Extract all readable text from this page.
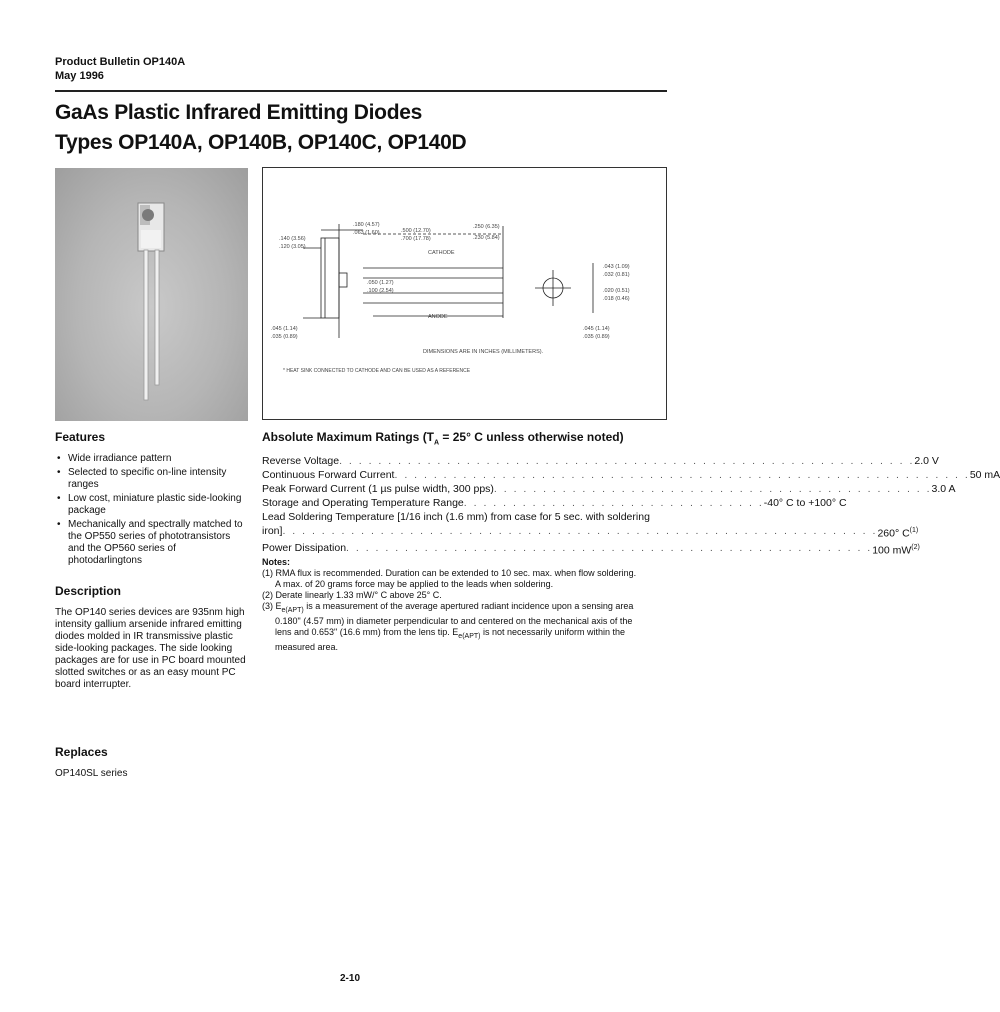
Product Bulletin OP140A
May 1996
GaAs Plastic Infrared Emitting Diodes
Types OP140A, OP140B, OP140C, OP140D
.180 (4.57)
.063 (1.60)
.140 (3.56)
.120 (3.05)
.250 (6.35)
.230 (5.84)
.500 (12.70)
.700 (17.78)
CATHODE
ANODE
.050 (1.27)
.100 (2.54)
.043 (1.09)
.032 (0.81)
.020 (0.51)
.018 (0.46)
.045 (1.14)
.035 (0.89)
.045 (1.14)
.035 (0.89)
DIMENSIONS ARE IN INCHES (MILLIMETERS).
* HEAT SINK CONNECTED TO CATHODE AND CAN BE USED AS A REFERENCE
Features
• Wide irradiance pattern
• Selected to specific on-line intensity ranges
• Low cost, miniature plastic side-looking package
• Mechanically and spectrally matched to the OP550 series of phototransistors and the OP560 series of photodarlingtons
Description
The OP140 series devices are 935nm high intensity gallium arsenide infrared emitting diodes molded in IR transmissive plastic side-looking packages. The side looking packages are for use in PC board mounted slotted switches or as an easy mount PC board interrupter.
Replaces
OP140SL series
Absolute Maximum Ratings ($T_A = 25^\circ$ C unless otherwise noted)
Reverse Voltage . . . . . . . . . . . . . . . . . . . . . . . . . . . . . . . . . . . . . . . . . . . . . . . . . . . . . . . . . . . 2.0 V
Continuous Forward Current . . . . . . . . . . . . . . . . . . . . . . . . . . . . . . . . . . . . . . . . . . . . . . . . . . . . . . . . . . . 50 mA
Peak Forward Current (1 µs pulse width, 300 pps) . . . . . . . . . . . . . . . . . . . . . . . . . . . . . . . . . . . . . . . . . . . . . 3.0 A
Storage and Operating Temperature Range . . . . . . . . . . . . . . . . . . . . . . . . . . . . . . . -40° C to +100° C
Lead Soldering Temperature [1/16 inch (1.6 mm) from case for 5 sec. with soldering
iron] . . . . . . . . . . . . . . . . . . . . . . . . . . . . . . . . . . . . . . . . . . . . . . . . . . . . . . . . . . . . . 260° $C^{(1)}$
Power Dissipation . . . . . . . . . . . . . . . . . . . . . . . . . . . . . . . . . . . . . . . . . . . . . . . . . . . . . . 100 $mW^{(2)}$
Notes:
(1) RMA flux is recommended. Duration can be extended to 10 sec. max. when flow soldering.
A max. of 20 grams force may be applied to the leads when soldering.
(2) Derate linearly 1.33 mW/° C above 25° C.
(3) $E_{e(APT)}$ is a measurement of the average apertured radiant incidence upon a sensing area
0.180" (4.57 mm) in diameter perpendicular to and centered on the mechanical axis of the
lens and 0.653" (16.6 mm) from the lens tip. $E_{e(APT)}$ is not necessarily uniform within the
measured area.
2-10
